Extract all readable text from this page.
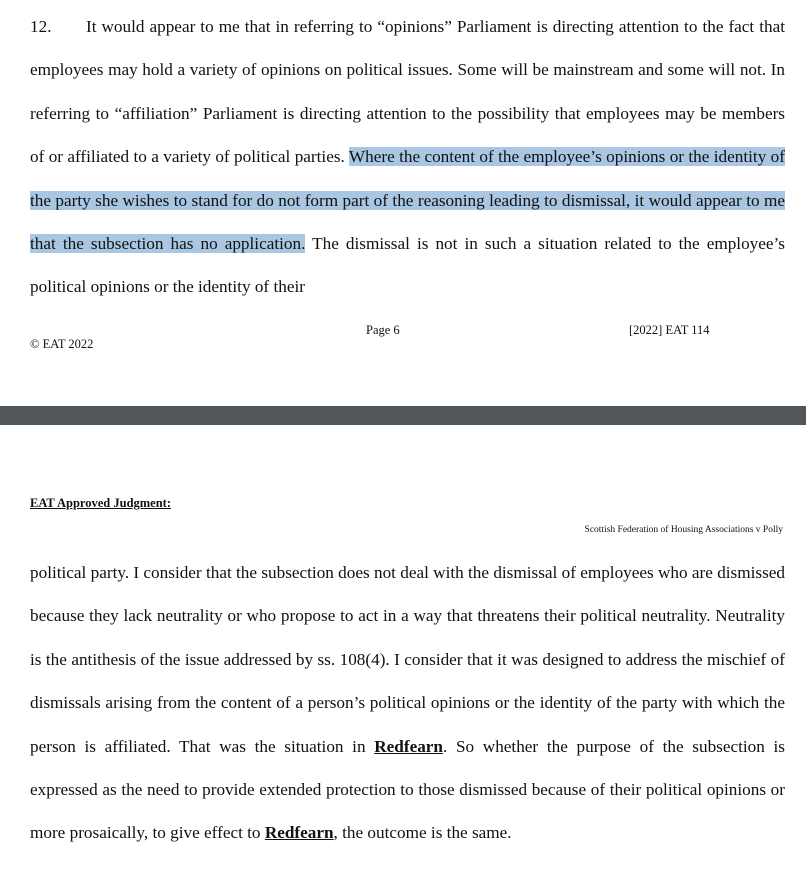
12. It would appear to me that in referring to “opinions” Parliament is directing attention to the fact that employees may hold a variety of opinions on political issues. Some will be mainstream and some will not. In referring to “affiliation” Parliament is directing attention to the possibility that employees may be members of or affiliated to a variety of political parties. Where the content of the employee’s opinions or the identity of the party she wishes to stand for do not form part of the reasoning leading to dismissal, it would appear to me that the subsection has no application. The dismissal is not in such a situation related to the employee’s political opinions or the identity of their

Page 6	[2022] EAT 114
© EAT 2022
EAT Approved Judgment:
Scottish Federation of Housing Associations v Polly

political party. I consider that the subsection does not deal with the dismissal of employees who are dismissed because they lack neutrality or who propose to act in a way that threatens their political neutrality. Neutrality is the antithesis of the issue addressed by ss. 108(4). I consider that it was designed to address the mischief of dismissals arising from the content of a person’s political opinions or the identity of the party with which the person is affiliated. That was the situation in Redfearn. So whether the purpose of the subsection is expressed as the need to provide extended protection to those dismissed because of their political opinions or more prosaically, to give effect to Redfearn, the outcome is the same.
